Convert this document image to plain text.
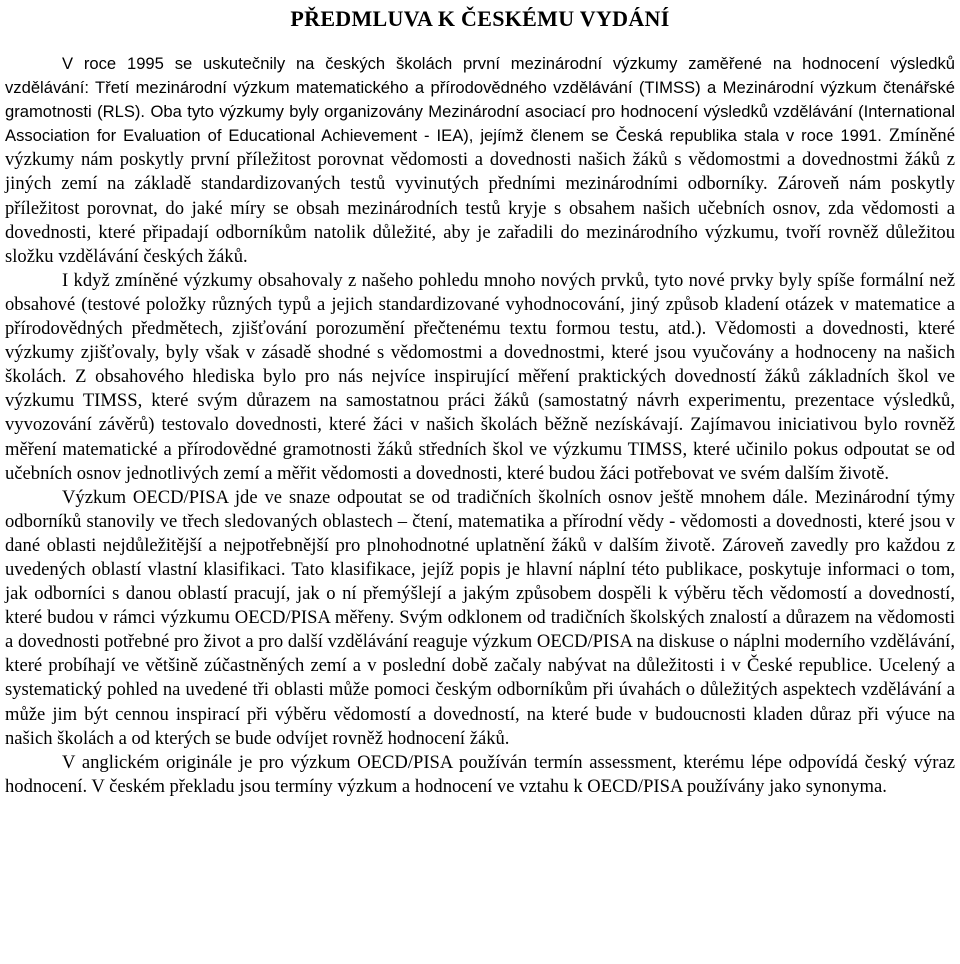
PŘEDMLUVA K ČESKÉMU VYDÁNÍ

V roce 1995 se uskutečnily na českých školách první mezinárodní výzkumy zaměřené na hodnocení výsledků vzdělávání: Třetí mezinárodní výzkum matematického a přírodovědného vzdělávání (TIMSS) a Mezinárodní výzkum čtenářské gramotnosti (RLS). Oba tyto výzkumy byly organizovány Mezinárodní asociací pro hodnocení výsledků vzdělávání (International Association for Evaluation of Educational Achievement - IEA), jejímž členem se Česká republika stala v roce 1991. Zmíněné výzkumy nám poskytly první příležitost porovnat vědomosti a dovednosti našich žáků s vědomostmi a dovednostmi žáků z jiných zemí na základě standardizovaných testů vyvinutých předními mezinárodními odborníky. Zároveň nám poskytly příležitost porovnat, do jaké míry se obsah mezinárodních testů kryje s obsahem našich učebních osnov, zda vědomosti a dovednosti, které připadají odborníkům natolik důležité, aby je zařadili do mezinárodního výzkumu, tvoří rovněž důležitou složku vzdělávání českých žáků.

I když zmíněné výzkumy obsahovaly z našeho pohledu mnoho nových prvků, tyto nové prvky byly spíše formální než obsahové (testové položky různých typů a jejich standardizované vyhodnocování, jiný způsob kladení otázek v matematice a přírodovědných předmětech, zjišťování porozumění přečtenému textu formou testu, atd.). Vědomosti a dovednosti, které výzkumy zjišťovaly, byly však v zásadě shodné s vědomostmi a dovednostmi, které jsou vyučovány a hodnoceny na našich školách. Z obsahového hlediska bylo pro nás nejvíce inspirující měření praktických dovedností žáků základních škol ve výzkumu TIMSS, které svým důrazem na samostatnou práci žáků (samostatný návrh experimentu, prezentace výsledků, vyvozování závěrů) testovalo dovednosti, které žáci v našich školách běžně nezískávají. Zajímavou iniciativou bylo rovněž měření matematické a přírodovědné gramotnosti žáků středních škol ve výzkumu TIMSS, které učinilo pokus odpoutat se od učebních osnov jednotlivých zemí a měřit vědomosti a dovednosti, které budou žáci potřebovat ve svém dalším životě.

Výzkum OECD/PISA jde ve snaze odpoutat se od tradičních školních osnov ještě mnohem dále. Mezinárodní týmy odborníků stanovily ve třech sledovaných oblastech – čtení, matematika a přírodní vědy - vědomosti a dovednosti, které jsou v dané oblasti nejdůležitější a nejpotřebnější pro plnohodnotné uplatnění žáků v dalším životě. Zároveň zavedly pro každou z uvedených oblastí vlastní klasifikaci. Tato klasifikace, jejíž popis je hlavní náplní této publikace, poskytuje informaci o tom, jak odborníci s danou oblastí pracují, jak o ní přemýšlejí a jakým způsobem dospěli k výběru těch vědomostí a dovedností, které budou v rámci výzkumu OECD/PISA měřeny. Svým odklonem od tradičních školských znalostí a důrazem na vědomosti a dovednosti potřebné pro život a pro další vzdělávání reaguje výzkum OECD/PISA na diskuse o náplni moderního vzdělávání, které probíhají ve většině zúčastněných zemí a v poslední době začaly nabývat na důležitosti i v České republice. Ucelený a systematický pohled na uvedené tři oblasti může pomoci českým odborníkům při úvahách o důležitých aspektech vzdělávání a může jim být cennou inspirací při výběru vědomostí a dovedností, na které bude v budoucnosti kladen důraz při výuce na našich školách a od kterých se bude odvíjet rovněž hodnocení žáků.

V anglickém originále je pro výzkum OECD/PISA používán termín assessment, kterému lépe odpovídá český výraz hodnocení. V českém překladu jsou termíny výzkum a hodnocení ve vztahu k OECD/PISA používány jako synonyma.
